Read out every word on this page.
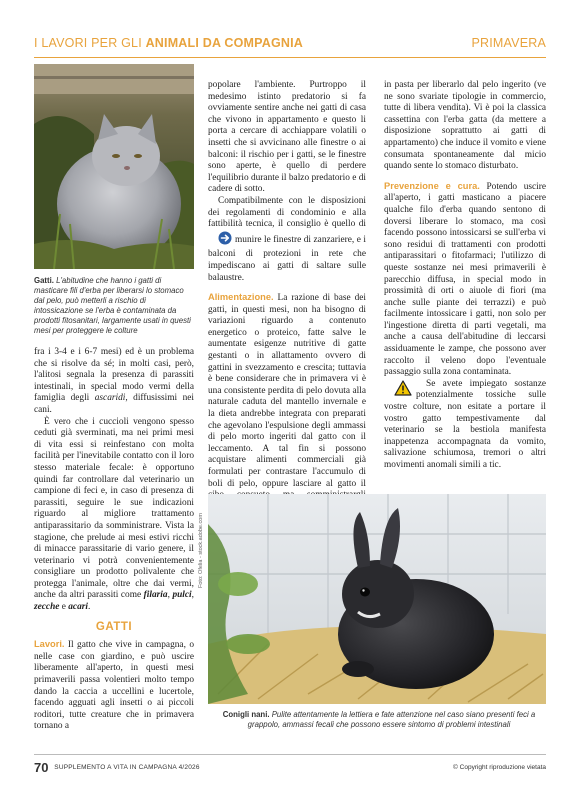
I LAVORI PER GLI ANIMALI DA COMPAGNIA	PRIMAVERA
Gatti. L'abitudine che hanno i gatti di masticare fili d'erba per liberarsi lo stomaco dal pelo, può metterli a rischio di intossicazione se l'erba è contaminata da prodotti fitosanitari, largamente usati in questi mesi per proteggere le colture

fra i 3-4 e i 6-7 mesi) ed è un problema che si risolve da sé; in molti casi, però, l'alitosi segnala la presenza di parassiti intestinali, in special modo vermi della famiglia degli ascaridi, diffusissimi nei cani.

È vero che i cuccioli vengono spesso ceduti già sverminati, ma nei primi mesi di vita essi si reinfestano con molta facilità per l'inevitabile contatto con il loro stesso materiale fecale: è opportuno quindi far controllare dal veterinario un campione di feci e, in caso di presenza di parassiti, seguire le sue indicazioni riguardo al migliore trattamento antiparassitario da somministrare. Vista la stagione, che prelude ai mesi estivi ricchi di minacce parassitarie di vario genere, il veterinario vi potrà convenientemente consigliare un prodotto polivalente che protegga l'animale, oltre che dai vermi, anche da altri parassiti come filaria, pulci, zecche e acari.

GATTI

Lavori. Il gatto che vive in campagna, o nelle case con giardino, e può uscire liberamente all'aperto, in questi mesi primaverili passa volentieri molto tempo dando la caccia a uccellini e lucertole, facendo agguati agli insetti o ai piccoli roditori, tutte creature che in primavera tornano a

popolare l'ambiente. Purtroppo il medesimo istinto predatorio si fa ovviamente sentire anche nei gatti di casa che vivono in appartamento e questo li porta a cercare di acchiappare volatili o insetti che si avvicinano alle finestre o ai balconi: il rischio per i gatti, se le finestre sono aperte, è quello di perdere l'equilibrio durante il balzo predatorio e di cadere di sotto.

Compatibilmente con le disposizioni dei regolamenti di condominio e alla fattibilità tecnica, il consiglio è quello di munire le finestre di zanzariere, e i balconi di protezioni in rete che impediscano ai gatti di saltare sulle balaustre.

Alimentazione. La razione di base dei gatti, in questi mesi, non ha bisogno di variazioni riguardo a contenuto energetico o proteico, fatte salve le aumentate esigenze nutritive di gatte gestanti o in allattamento ovvero di gattini in svezzamento e crescita; tuttavia è bene considerare che in primavera vi è una consistente perdita di pelo dovuta alla naturale caduta del mantello invernale e la dieta andrebbe integrata con preparati che agevolano l'espulsione degli ammassi di pelo morto ingeriti dal gatto con il leccamento. A tal fin si possono acquistare alimenti commerciali già formulati per contrastare l'accumulo di boli di pelo, oppure lasciare al gatto il

in pasta per liberarlo dal pelo ingerito (ve ne sono svariate tipologie in commercio, tutte di libera vendita). Vi è poi la classica cassettina con l'erba gatta (da mettere a disposizione soprattutto ai gatti di appartamento) che induce il vomito e viene consumata spontaneamente dal micio quando sente lo stomaco disturbato.

Prevenzione e cura. Potendo uscire all'aperto, i gatti masticano a piacere qualche filo d'erba quando sentono di doversi liberare lo stomaco, ma così facendo possono intossicarsi se sull'erba vi sono residui di trattamenti con prodotti antiparassitari o fitofarmaci; l'utilizzo di queste sostanze nei mesi primaverili è parecchio diffusa, in special modo in prossimità di orti o aiuole di fiori (ma anche sulle piante dei terrazzi) e può facilmente intossicare i gatti, non solo per l'ingestione diretta di parti vegetali, ma anche a causa dell'abitudine di leccarsi assiduamente le zampe, che possono aver raccolto il veleno dopo l'eventuale passaggio sulla zona contaminata.

Se avete impiegato sostanze potenzialmente tossiche sulle vostre colture, non esitate a portare il vostro gatto tempestivamente dal veterinario se la bestiola manifesta inappetenza accompagnata da vomito, salivazione schiumosa, tremori o altri movimenti anomali simili a tic.

Foto: Ofelia - stock.adobe.com
Conigli nani. Pulite attentamente la lettiera e fate attenzione nel caso siano presenti feci a grappolo, ammassi fecali che possono essere sintomo di problemi intestinali
70 SUPPLEMENTO A VITA IN CAMPAGNA 4/2026	© Copyright riproduzione vietata
